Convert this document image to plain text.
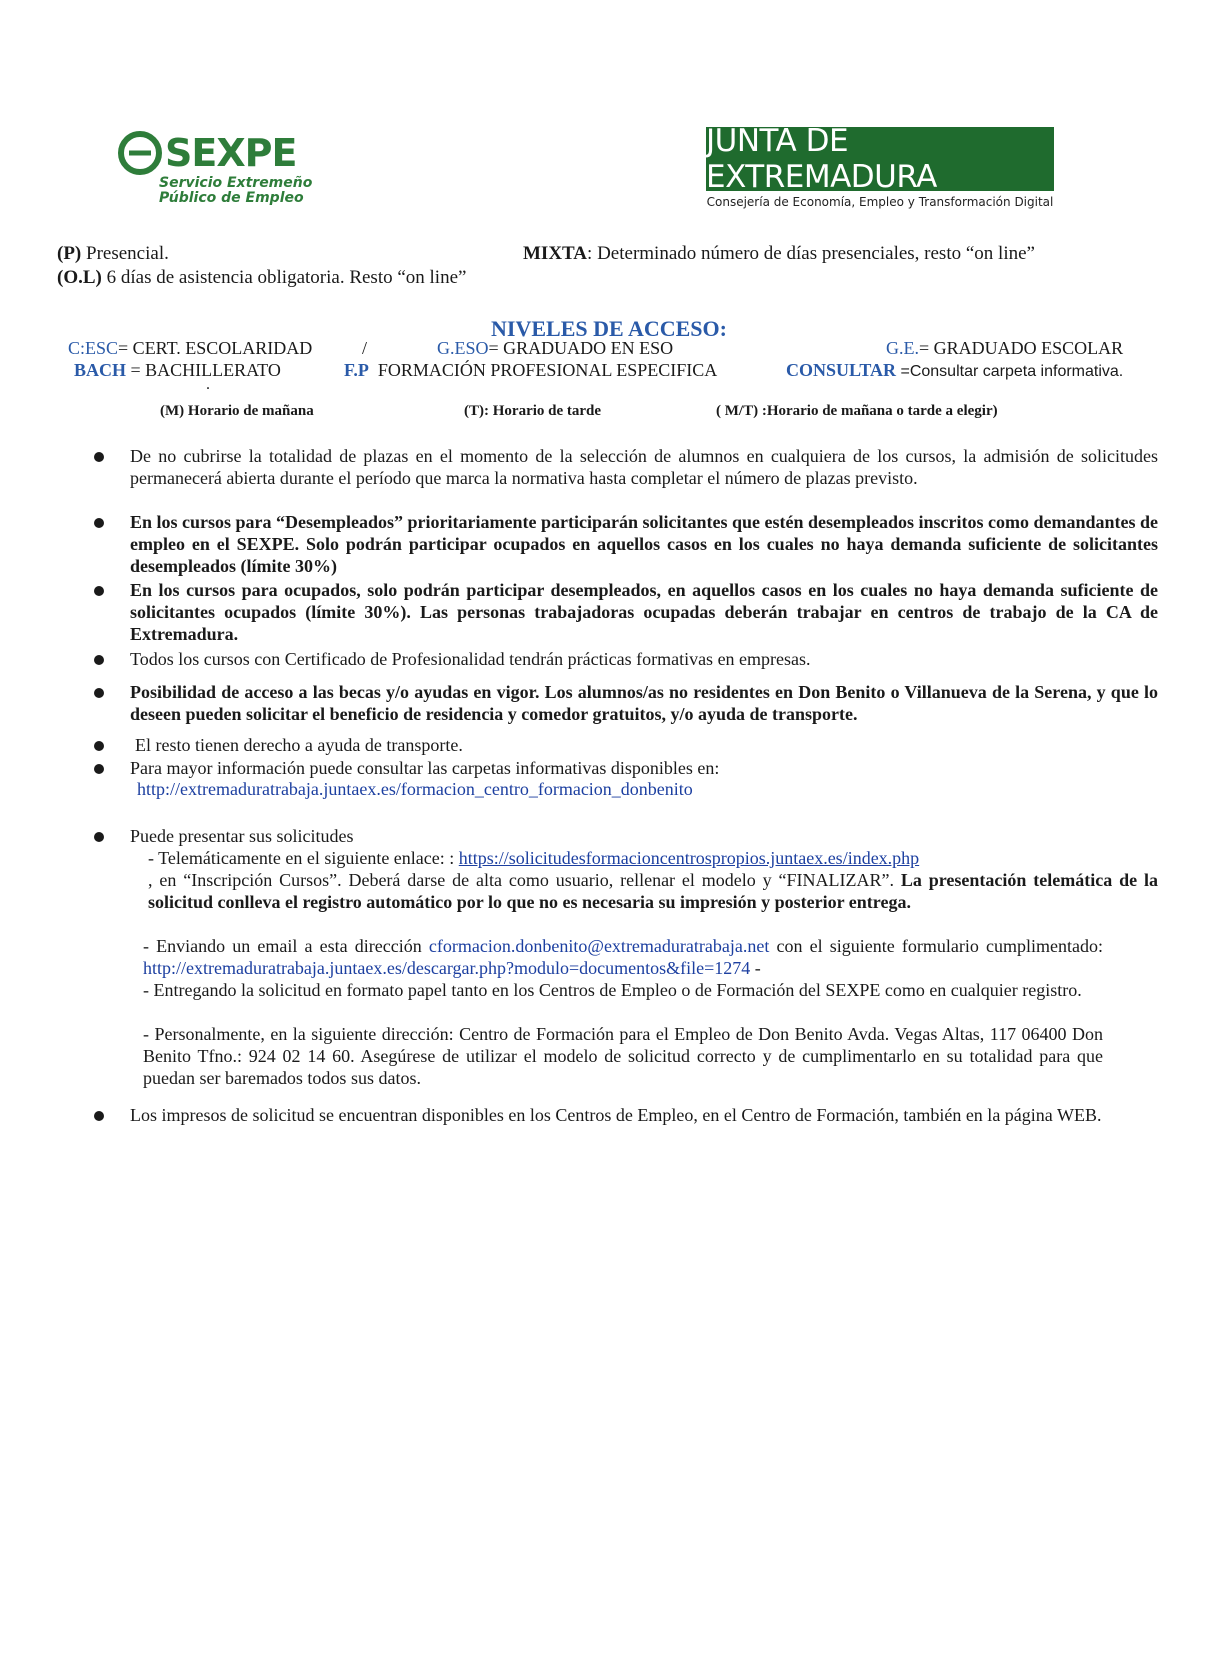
SEXPE
Servicio Extremeño
Público de Empleo
JUNTA DE EXTREMADURA
Consejería de Economía, Empleo y Transformación Digital
(P) Presencial.	MIXTA: Determinado número de días presenciales, resto “on line”
(O.L) 6 días de asistencia obligatoria. Resto “on line”
NIVELES DE ACCESO:
C:ESC= CERT. ESCOLARIDAD	/	G.ESO= GRADUADO EN ESO	G.E.= GRADUADO ESCOLAR
BACH = BACHILLERATO	F.P FORMACIÓN PROFESIONAL ESPECIFICA	CONSULTAR =Consultar carpeta informativa.
.
(M) Horario de mañana	(T): Horario de tarde	( M/T) :Horario de mañana o tarde a elegir)
De no cubrirse la totalidad de plazas en el momento de la selección de alumnos en cualquiera de los cursos, la admisión de solicitudes permanecerá abierta durante el período que marca la normativa hasta completar el número de plazas previsto.
En los cursos para “Desempleados” prioritariamente participarán solicitantes que estén desempleados inscritos como demandantes de empleo en el SEXPE. Solo podrán participar ocupados en aquellos casos en los cuales no haya demanda suficiente de solicitantes desempleados (límite 30%)
En los cursos para ocupados, solo podrán participar desempleados, en aquellos casos en los cuales no haya demanda suficiente de solicitantes ocupados (límite 30%). Las personas trabajadoras ocupadas deberán trabajar en centros de trabajo de la CA de Extremadura.
Todos los cursos con Certificado de Profesionalidad tendrán prácticas formativas en empresas.
Posibilidad de acceso a las becas y/o ayudas en vigor. Los alumnos/as no residentes en Don Benito o Villanueva de la Serena, y que lo deseen pueden solicitar el beneficio de residencia y comedor gratuitos, y/o ayuda de transporte.
El resto tienen derecho a ayuda de transporte.
Para mayor información puede consultar las carpetas informativas disponibles en:
http://extremaduratrabaja.juntaex.es/formacion_centro_formacion_donbenito
Puede presentar sus solicitudes
- Telemáticamente en el siguiente enlace: : https://solicitudesformacioncentrospropios.juntaex.es/index.php
, en “Inscripción Cursos”. Deberá darse de alta como usuario, rellenar el modelo y “FINALIZAR”. La presentación telemática de la solicitud conlleva el registro automático por lo que no es necesaria su impresión y posterior entrega.
- Enviando un email a esta dirección cformacion.donbenito@extremaduratrabaja.net con el siguiente formulario cumplimentado: http://extremaduratrabaja.juntaex.es/descargar.php?modulo=documentos&file=1274 -
- Entregando la solicitud en formato papel tanto en los Centros de Empleo o de Formación del SEXPE como en cualquier registro.
- Personalmente, en la siguiente dirección: Centro de Formación para el Empleo de Don Benito Avda. Vegas Altas, 117 06400 Don Benito Tfno.: 924 02 14 60. Asegúrese de utilizar el modelo de solicitud correcto y de cumplimentarlo en su totalidad para que puedan ser baremados todos sus datos.
Los impresos de solicitud se encuentran disponibles en los Centros de Empleo, en el Centro de Formación, también en la página WEB.
